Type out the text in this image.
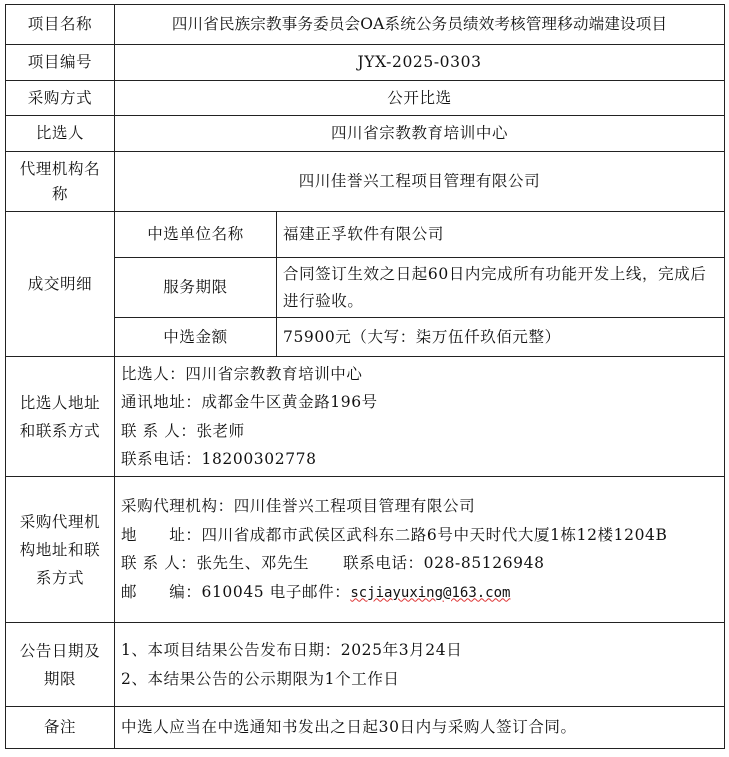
项目名称	四川省民族宗教事务委员会OA系统公务员绩效考核管理移动端建设项目	
项目编号	JYX-2025-0303	
采购方式	公开比选	
比选人	四川省宗教教育培训中心	
代理机构名称	四川佳誉兴工程项目管理有限公司	
成交明细	中选单位名称	福建正孚软件有限公司
	服务期限	合同签订生效之日起60日内完成所有功能开发上线，完成后进行验收。
	中选金额	75900元（大写：柒万伍仟玖佰元整）
比选人地址和联系方式	比选人：四川省宗教教育培训中心
通讯地址：成都金牛区黄金路196号
联 系 人：张老师
联系电话：18200302778	

采购代理机构地址和联系方式	采购代理机构：四川佳誉兴工程项目管理有限公司
地　　址：四川省成都市武侯区武科东二路6号中天时代大厦1栋12楼1204B
联 系 人：张先生、邓先生 联系电话：028-85126948
邮　　编：610045 电子邮件：scjiayuxing@163.com	

公告日期及期限	1、本项目结果公告发布日期：2025年3月24日
2、本结果公告的公示期限为1个工作日	

备注	中选人应当在中选通知书发出之日起30日内与采购人签订合同。	
